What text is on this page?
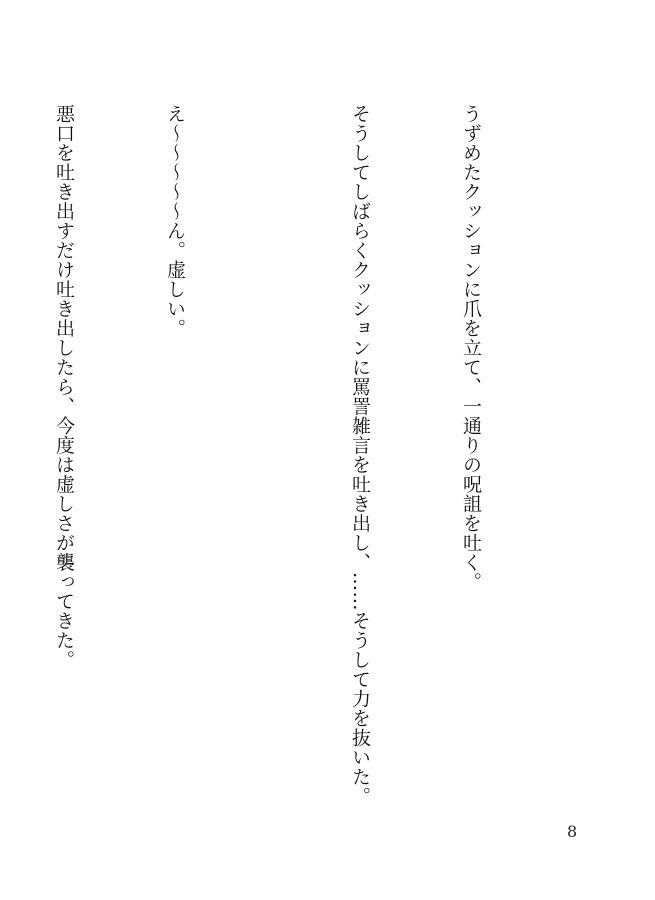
うずめたクッションに爪を立て、一通りの呪詛を吐く。

そうしてしばらくクッションに罵詈雑言を吐き出し、……そうして力を抜いた。

え〜〜〜〜〜ん。虚しい。

悪口を吐き出すだけ吐き出したら、今度は虚しさが襲ってきた。

8
